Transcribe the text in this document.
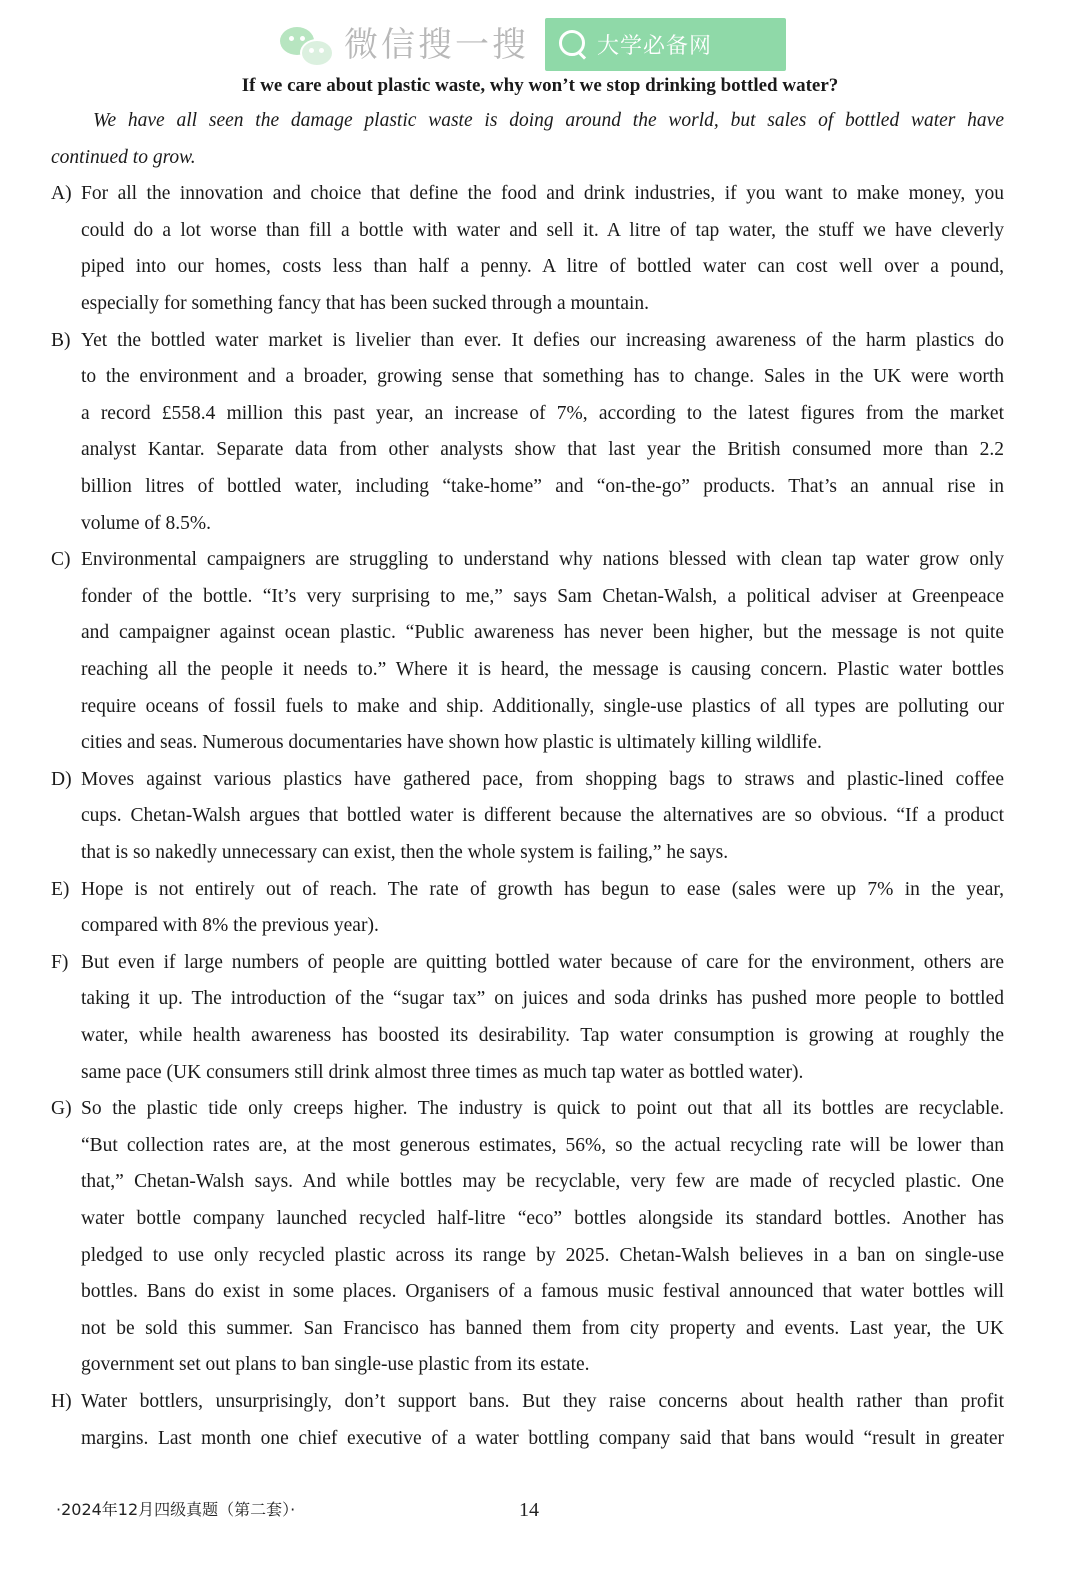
微信搜一搜	大学必备网
If we care about plastic waste, why won’t we stop drinking bottled water?
We have all seen the damage plastic waste is doing around the world, but sales of bottled water have
continued to grow.
A) For all the innovation and choice that define the food and drink industries, if you want to make money, you
could do a lot worse than fill a bottle with water and sell it. A litre of tap water, the stuff we have cleverly
piped into our homes, costs less than half a penny. A litre of bottled water can cost well over a pound,
especially for something fancy that has been sucked through a mountain.
B) Yet the bottled water market is livelier than ever. It defies our increasing awareness of the harm plastics do
to the environment and a broader, growing sense that something has to change. Sales in the UK were worth
a record £558.4 million this past year, an increase of 7%, according to the latest figures from the market
analyst Kantar. Separate data from other analysts show that last year the British consumed more than 2.2
billion litres of bottled water, including “take-home” and “on-the-go” products. That’s an annual rise in
volume of 8.5%.
C) Environmental campaigners are struggling to understand why nations blessed with clean tap water grow only
fonder of the bottle. “It’s very surprising to me,” says Sam Chetan-Walsh, a political adviser at Greenpeace
and campaigner against ocean plastic. “Public awareness has never been higher, but the message is not quite
reaching all the people it needs to.” Where it is heard, the message is causing concern. Plastic water bottles
require oceans of fossil fuels to make and ship. Additionally, single-use plastics of all types are polluting our
cities and seas. Numerous documentaries have shown how plastic is ultimately killing wildlife.
D) Moves against various plastics have gathered pace, from shopping bags to straws and plastic-lined coffee
cups. Chetan-Walsh argues that bottled water is different because the alternatives are so obvious. “If a product
that is so nakedly unnecessary can exist, then the whole system is failing,” he says.
E) Hope is not entirely out of reach. The rate of growth has begun to ease (sales were up 7% in the year,
compared with 8% the previous year).
F) But even if large numbers of people are quitting bottled water because of care for the environment, others are
taking it up. The introduction of the “sugar tax” on juices and soda drinks has pushed more people to bottled
water, while health awareness has boosted its desirability. Tap water consumption is growing at roughly the
same pace (UK consumers still drink almost three times as much tap water as bottled water).
G) So the plastic tide only creeps higher. The industry is quick to point out that all its bottles are recyclable.
“But collection rates are, at the most generous estimates, 56%, so the actual recycling rate will be lower than
that,” Chetan-Walsh says. And while bottles may be recyclable, very few are made of recycled plastic. One
water bottle company launched recycled half-litre “eco” bottles alongside its standard bottles. Another has
pledged to use only recycled plastic across its range by 2025. Chetan-Walsh believes in a ban on single-use
bottles. Bans do exist in some places. Organisers of a famous music festival announced that water bottles will
not be sold this summer. San Francisco has banned them from city property and events. Last year, the UK
government set out plans to ban single-use plastic from its estate.
H) Water bottlers, unsurprisingly, don’t support bans. But they raise concerns about health rather than profit
margins. Last month one chief executive of a water bottling company said that bans would “result in greater
·2024年12月四级真题（第二套）·	14
